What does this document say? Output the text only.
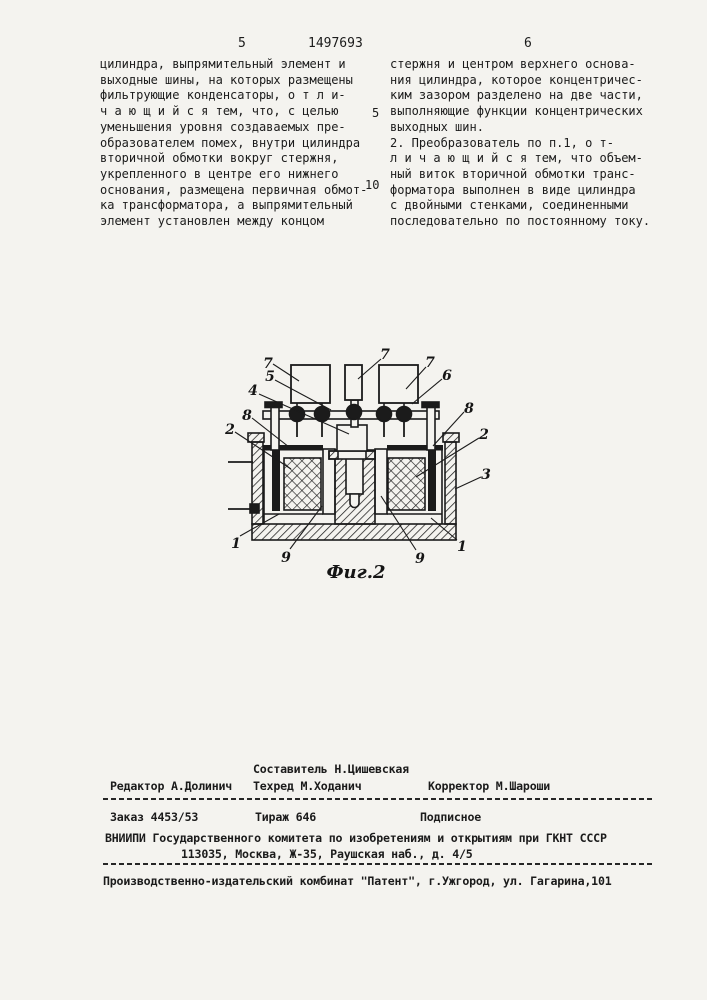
5	1497693	6
5
10
цилиндра, выпрямительный элемент и
выходные шины, на которых размещены
фильтрующие конденсаторы, о т л и-
ч а ю щ и й с я тем, что, с целью
уменьшения уровня создаваемых пре-
образователем помех, внутри цилиндра
вторичной обмотки вокруг стержня,
укрепленного в центре его нижнего
основания, размещена первичная обмот-
ка трансформатора, а выпрямительный
элемент установлен между концом
стержня и центром верхнего основа-
ния цилиндра, которое концентричес-
ким зазором разделено на две части,
выполняющие функции концентрических
выходных шин.
2. Преобразователь по п.1, о т-
л и ч а ю щ и й с я тем, что объем-
ный виток вторичной обмотки транс-
форматора выполнен в виде цилиндра
с двойными стенками, соединенными
последовательно по постоянному току.
7
7	7
6
5
4
8
2
8
2
3
1
9	9
1
Фиг.2
Составитель Н.Цишевская
Редактор А.Долинич Техред М.Ходанич	Корректор М.Шароши
Заказ 4453/53	Тираж 646	Подписное
ВНИИПИ Государственного комитета по изобретениям и открытиям при ГКНТ СССР
113035, Москва, Ж-35, Раушская наб., д. 4/5
Производственно-издательский комбинат "Патент", г.Ужгород, ул. Гагарина,101
